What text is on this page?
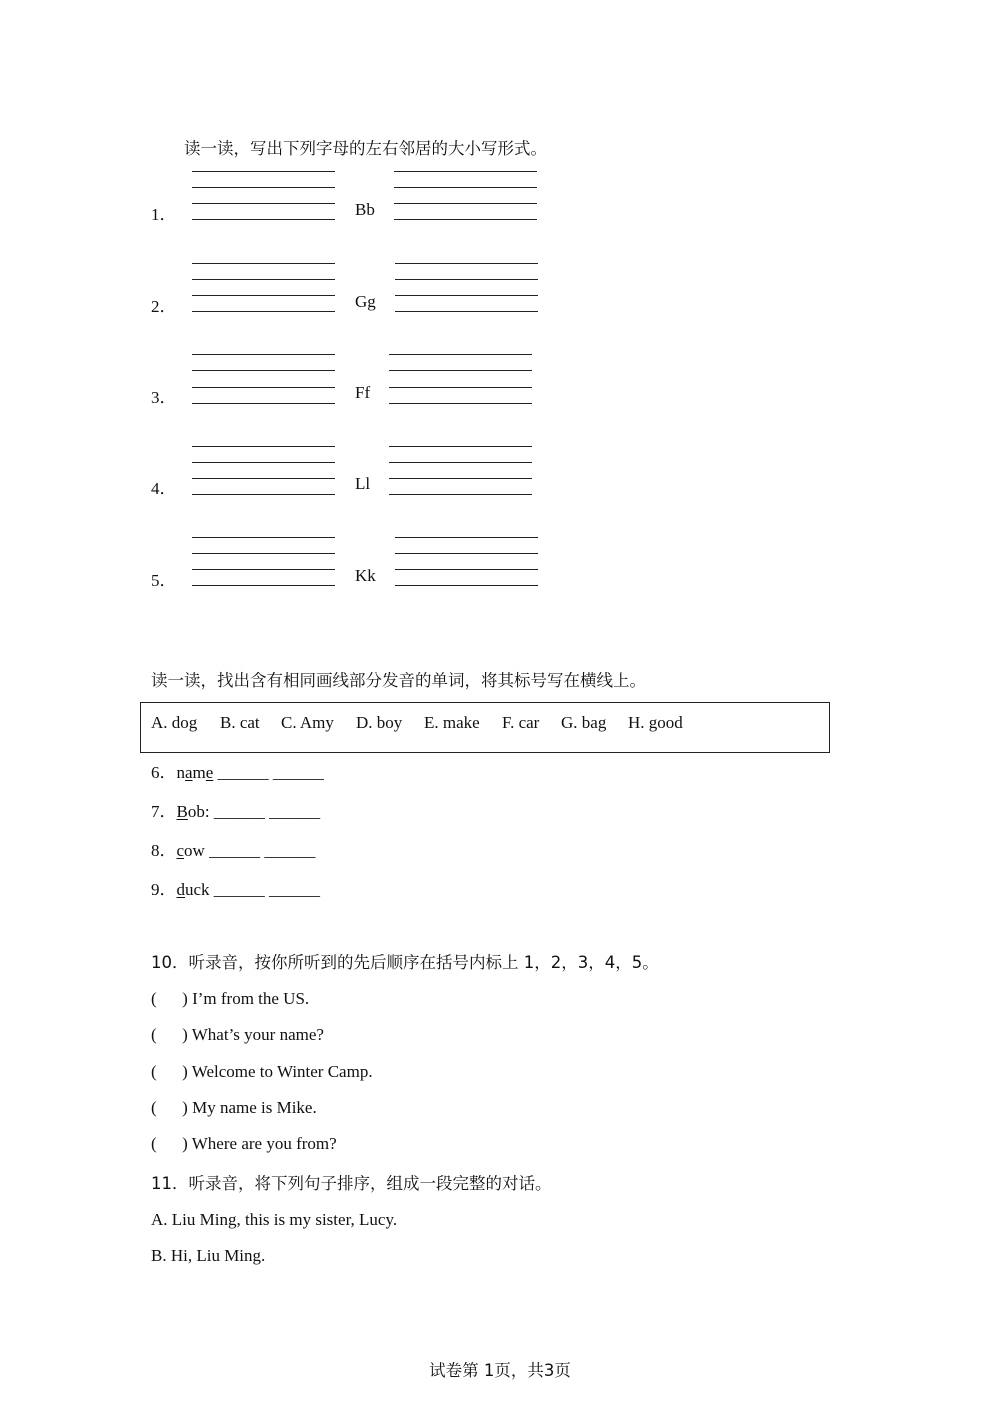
读一读，写出下列字母的左右邻居的大小写形式。
1．	Bb
2．	Gg
3．	Ff
4．	Ll
5．	Kk
读一读，找出含有相同画线部分发音的单词，将其标号写在横线上。
A. dog B. cat C. Amy D. boy E. make F. car G. bag H. good
6．name ______ ______
7．Bob: ______ ______
8．cow ______ ______
9．duck ______ ______
10．听录音，按你所听到的先后顺序在括号内标上 1，2，3，4，5。
(      ) I’m from the US.
(      ) What’s your name?
(      ) Welcome to Winter Camp.
(      ) My name is Mike.
(      ) Where are you from?
11．听录音，将下列句子排序，组成一段完整的对话。
A. Liu Ming, this is my sister, Lucy.
B. Hi, Liu Ming.
试卷第 1页，共3页
